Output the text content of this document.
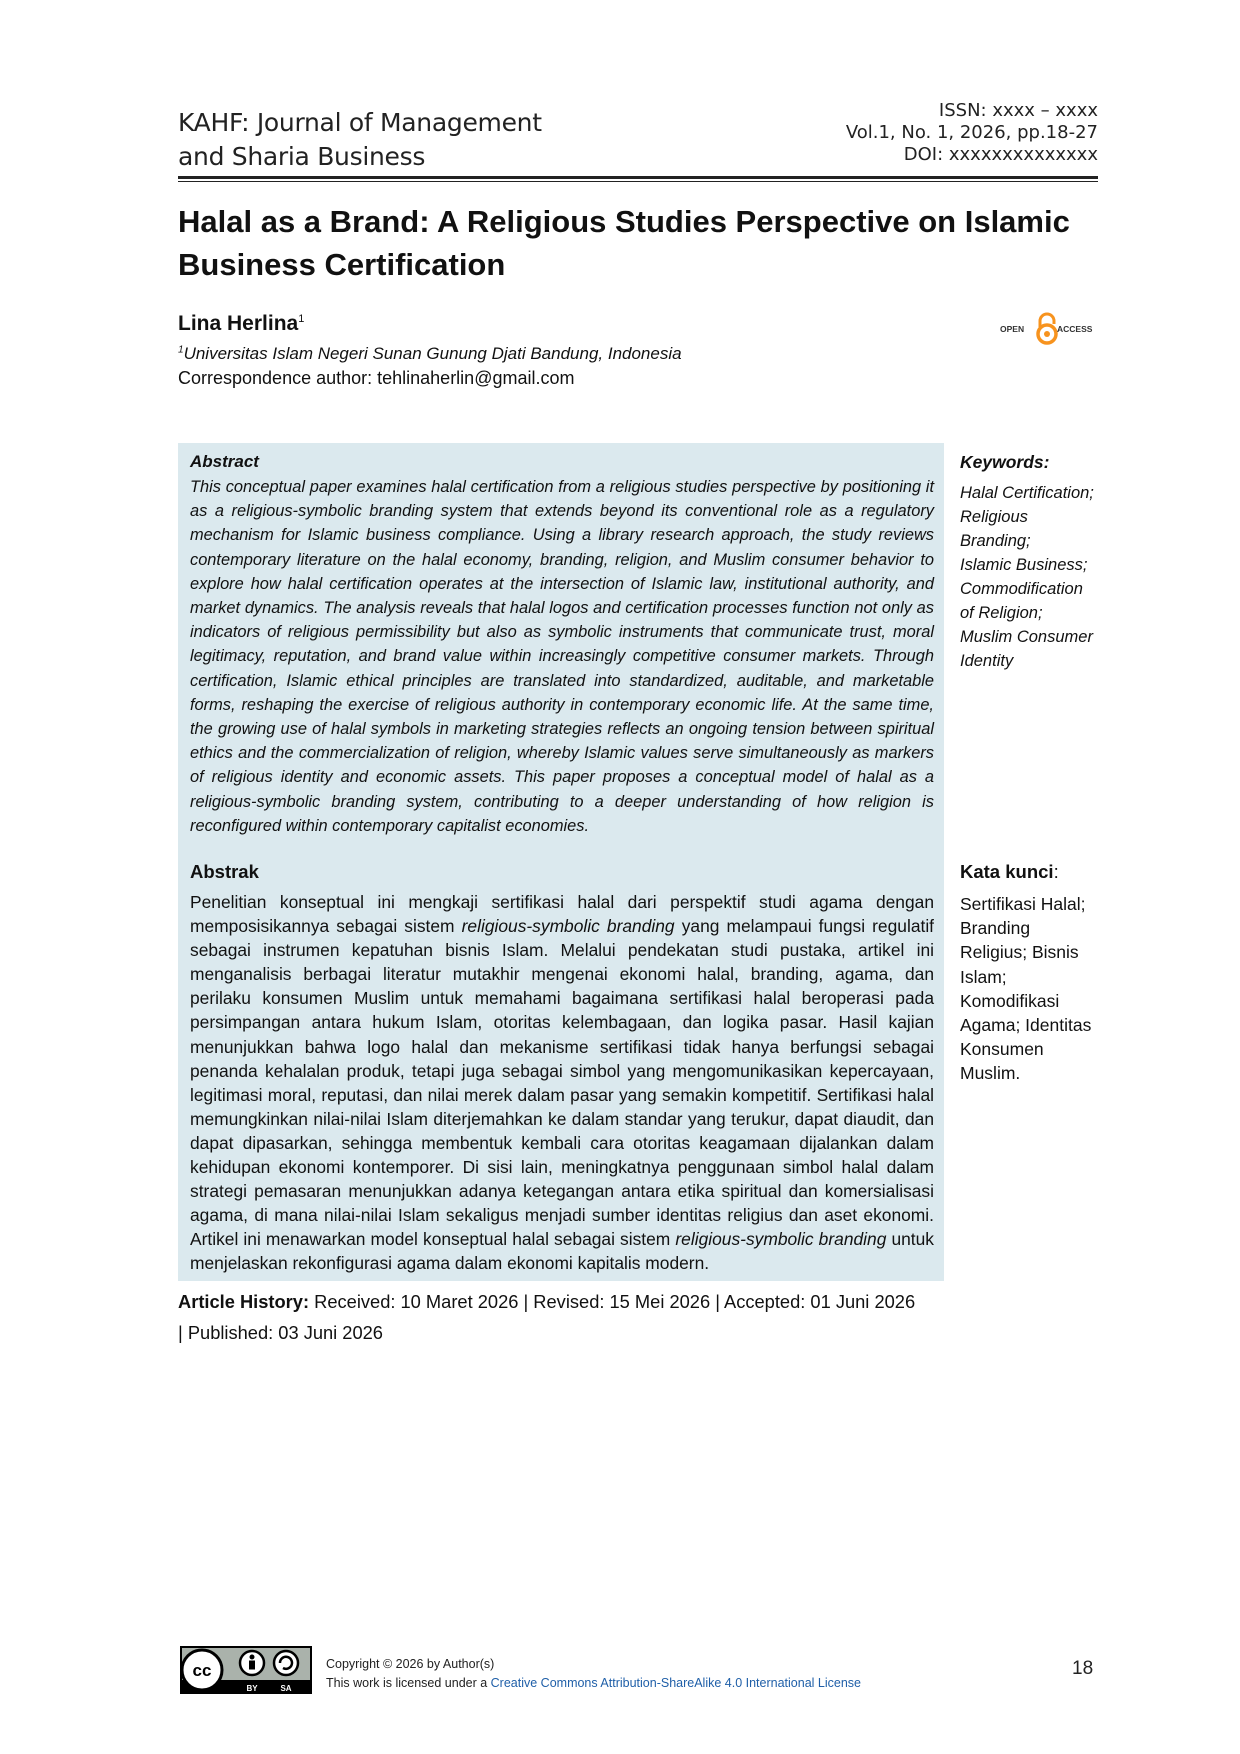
KAHF: Journal of Management
and Sharia Business
ISSN: xxxx – xxxx
Vol.1, No. 1, 2026, pp.18-27
DOI: xxxxxxxxxxxxxx
Halal as a Brand: A Religious Studies Perspective on Islamic Business Certification
Lina Herlina$^1$
$^1$Universitas Islam Negeri Sunan Gunung Djati Bandung, Indonesia
Correspondence author: tehlinaherlin@gmail.com
OPEN	ACCESS
Abstract
This conceptual paper examines halal certification from a religious studies perspective by positioning it as a religious-symbolic branding system that extends beyond its conventional role as a regulatory mechanism for Islamic business compliance. Using a library research approach, the study reviews contemporary literature on the halal economy, branding, religion, and Muslim consumer behavior to explore how halal certification operates at the intersection of Islamic law, institutional authority, and market dynamics. The analysis reveals that halal logos and certification processes function not only as indicators of religious permissibility but also as symbolic instruments that communicate trust, moral legitimacy, reputation, and brand value within increasingly competitive consumer markets. Through certification, Islamic ethical principles are translated into standardized, auditable, and marketable forms, reshaping the exercise of religious authority in contemporary economic life. At the same time, the growing use of halal symbols in marketing strategies reflects an ongoing tension between spiritual ethics and the commercialization of religion, whereby Islamic values serve simultaneously as markers of religious identity and economic assets. This paper proposes a conceptual model of halal as a religious-symbolic branding system, contributing to a deeper understanding of how religion is reconfigured within contemporary capitalist economies.
Keywords:
Halal Certification;
Religious Branding;
Islamic Business;
Commodification
of Religion;
Muslim Consumer
Identity
Abstrak
Penelitian konseptual ini mengkaji sertifikasi halal dari perspektif studi agama dengan memposisikannya sebagai sistem religious-symbolic branding yang melampaui fungsi regulatif sebagai instrumen kepatuhan bisnis Islam. Melalui pendekatan studi pustaka, artikel ini menganalisis berbagai literatur mutakhir mengenai ekonomi halal, branding, agama, dan perilaku konsumen Muslim untuk memahami bagaimana sertifikasi halal beroperasi pada persimpangan antara hukum Islam, otoritas kelembagaan, dan logika pasar. Hasil kajian menunjukkan bahwa logo halal dan mekanisme sertifikasi tidak hanya berfungsi sebagai penanda kehalalan produk, tetapi juga sebagai simbol yang mengomunikasikan kepercayaan, legitimasi moral, reputasi, dan nilai merek dalam pasar yang semakin kompetitif. Sertifikasi halal memungkinkan nilai-nilai Islam diterjemahkan ke dalam standar yang terukur, dapat diaudit, dan dapat dipasarkan, sehingga membentuk kembali cara otoritas keagamaan dijalankan dalam kehidupan ekonomi kontemporer. Di sisi lain, meningkatnya penggunaan simbol halal dalam strategi pemasaran menunjukkan adanya ketegangan antara etika spiritual dan komersialisasi agama, di mana nilai-nilai Islam sekaligus menjadi sumber identitas religius dan aset ekonomi. Artikel ini menawarkan model konseptual halal sebagai sistem religious-symbolic branding untuk menjelaskan rekonfigurasi agama dalam ekonomi kapitalis modern.
Kata kunci:
Sertifikasi Halal;
Branding
Religius; Bisnis
Islam;
Komodifikasi
Agama; Identitas
Konsumen
Muslim.
Article History: Received: 10 Maret 2026 | Revised: 15 Mei 2026 | Accepted: 01 Juni 2026
| Published: 03 Juni 2026
cc
BY	SA
Copyright © 2026 by Author(s)
This work is licensed under a Creative Commons Attribution-ShareAlike 4.0 International License
18
